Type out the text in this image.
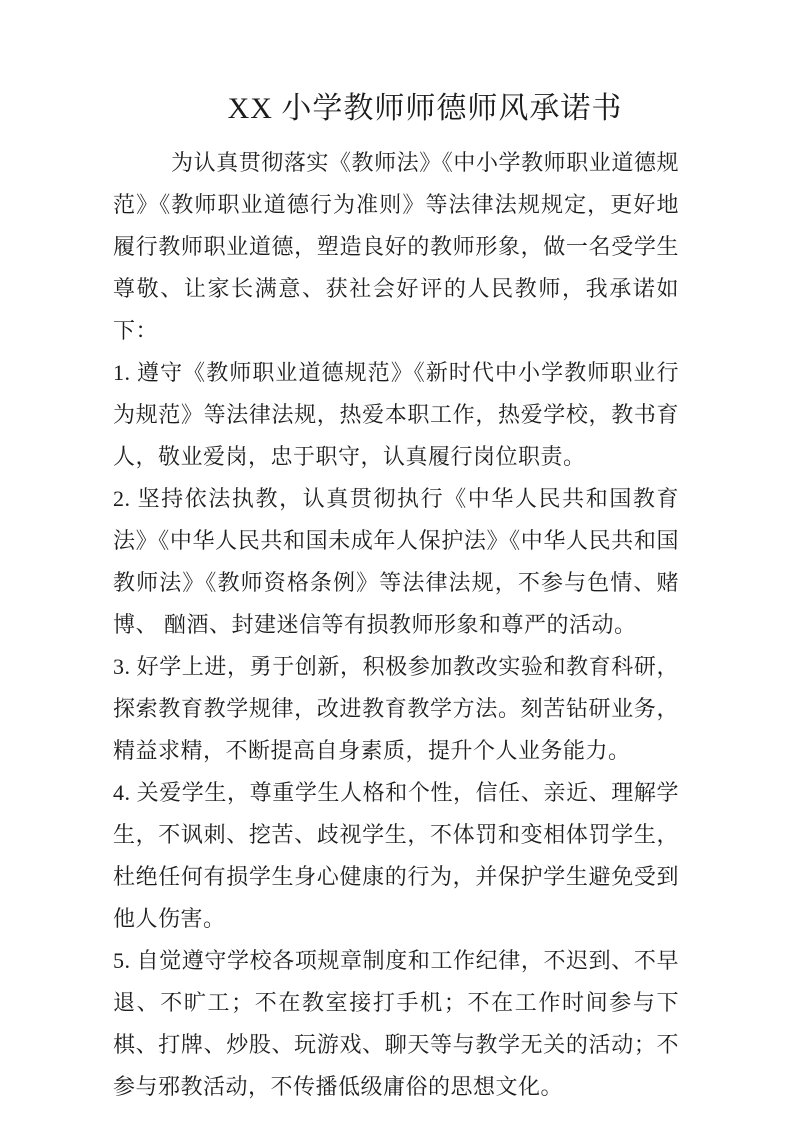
XX 小学教师师德师风承诺书

为认真贯彻落实《教师法》《中小学教师职业道德规范》《教师职业道德行为准则》等法律法规规定，更好地履行教师职业道德，塑造良好的教师形象，做一名受学生尊敬、让家长满意、获社会好评的人民教师，我承诺如下：

1. 遵守《教师职业道德规范》《新时代中小学教师职业行为规范》等法律法规，热爱本职工作，热爱学校，教书育人，敬业爱岗，忠于职守，认真履行岗位职责。

2. 坚持依法执教，认真贯彻执行《中华人民共和国教育法》《中华人民共和国未成年人保护法》《中华人民共和国教师法》《教师资格条例》等法律法规，不参与色情、赌博、 酗酒、封建迷信等有损教师形象和尊严的活动。

3. 好学上进，勇于创新，积极参加教改实验和教育科研，探索教育教学规律，改进教育教学方法。刻苦钻研业务，精益求精，不断提高自身素质，提升个人业务能力。

4. 关爱学生，尊重学生人格和个性，信任、亲近、理解学生，不讽刺、挖苦、歧视学生，不体罚和变相体罚学生，杜绝任何有损学生身心健康的行为，并保护学生避免受到他人伤害。

5. 自觉遵守学校各项规章制度和工作纪律，不迟到、不早退、不旷工；不在教室接打手机；不在工作时间参与下棋、打牌、炒股、玩游戏、聊天等与教学无关的活动；不参与邪教活动，不传播低级庸俗的思想文化。
